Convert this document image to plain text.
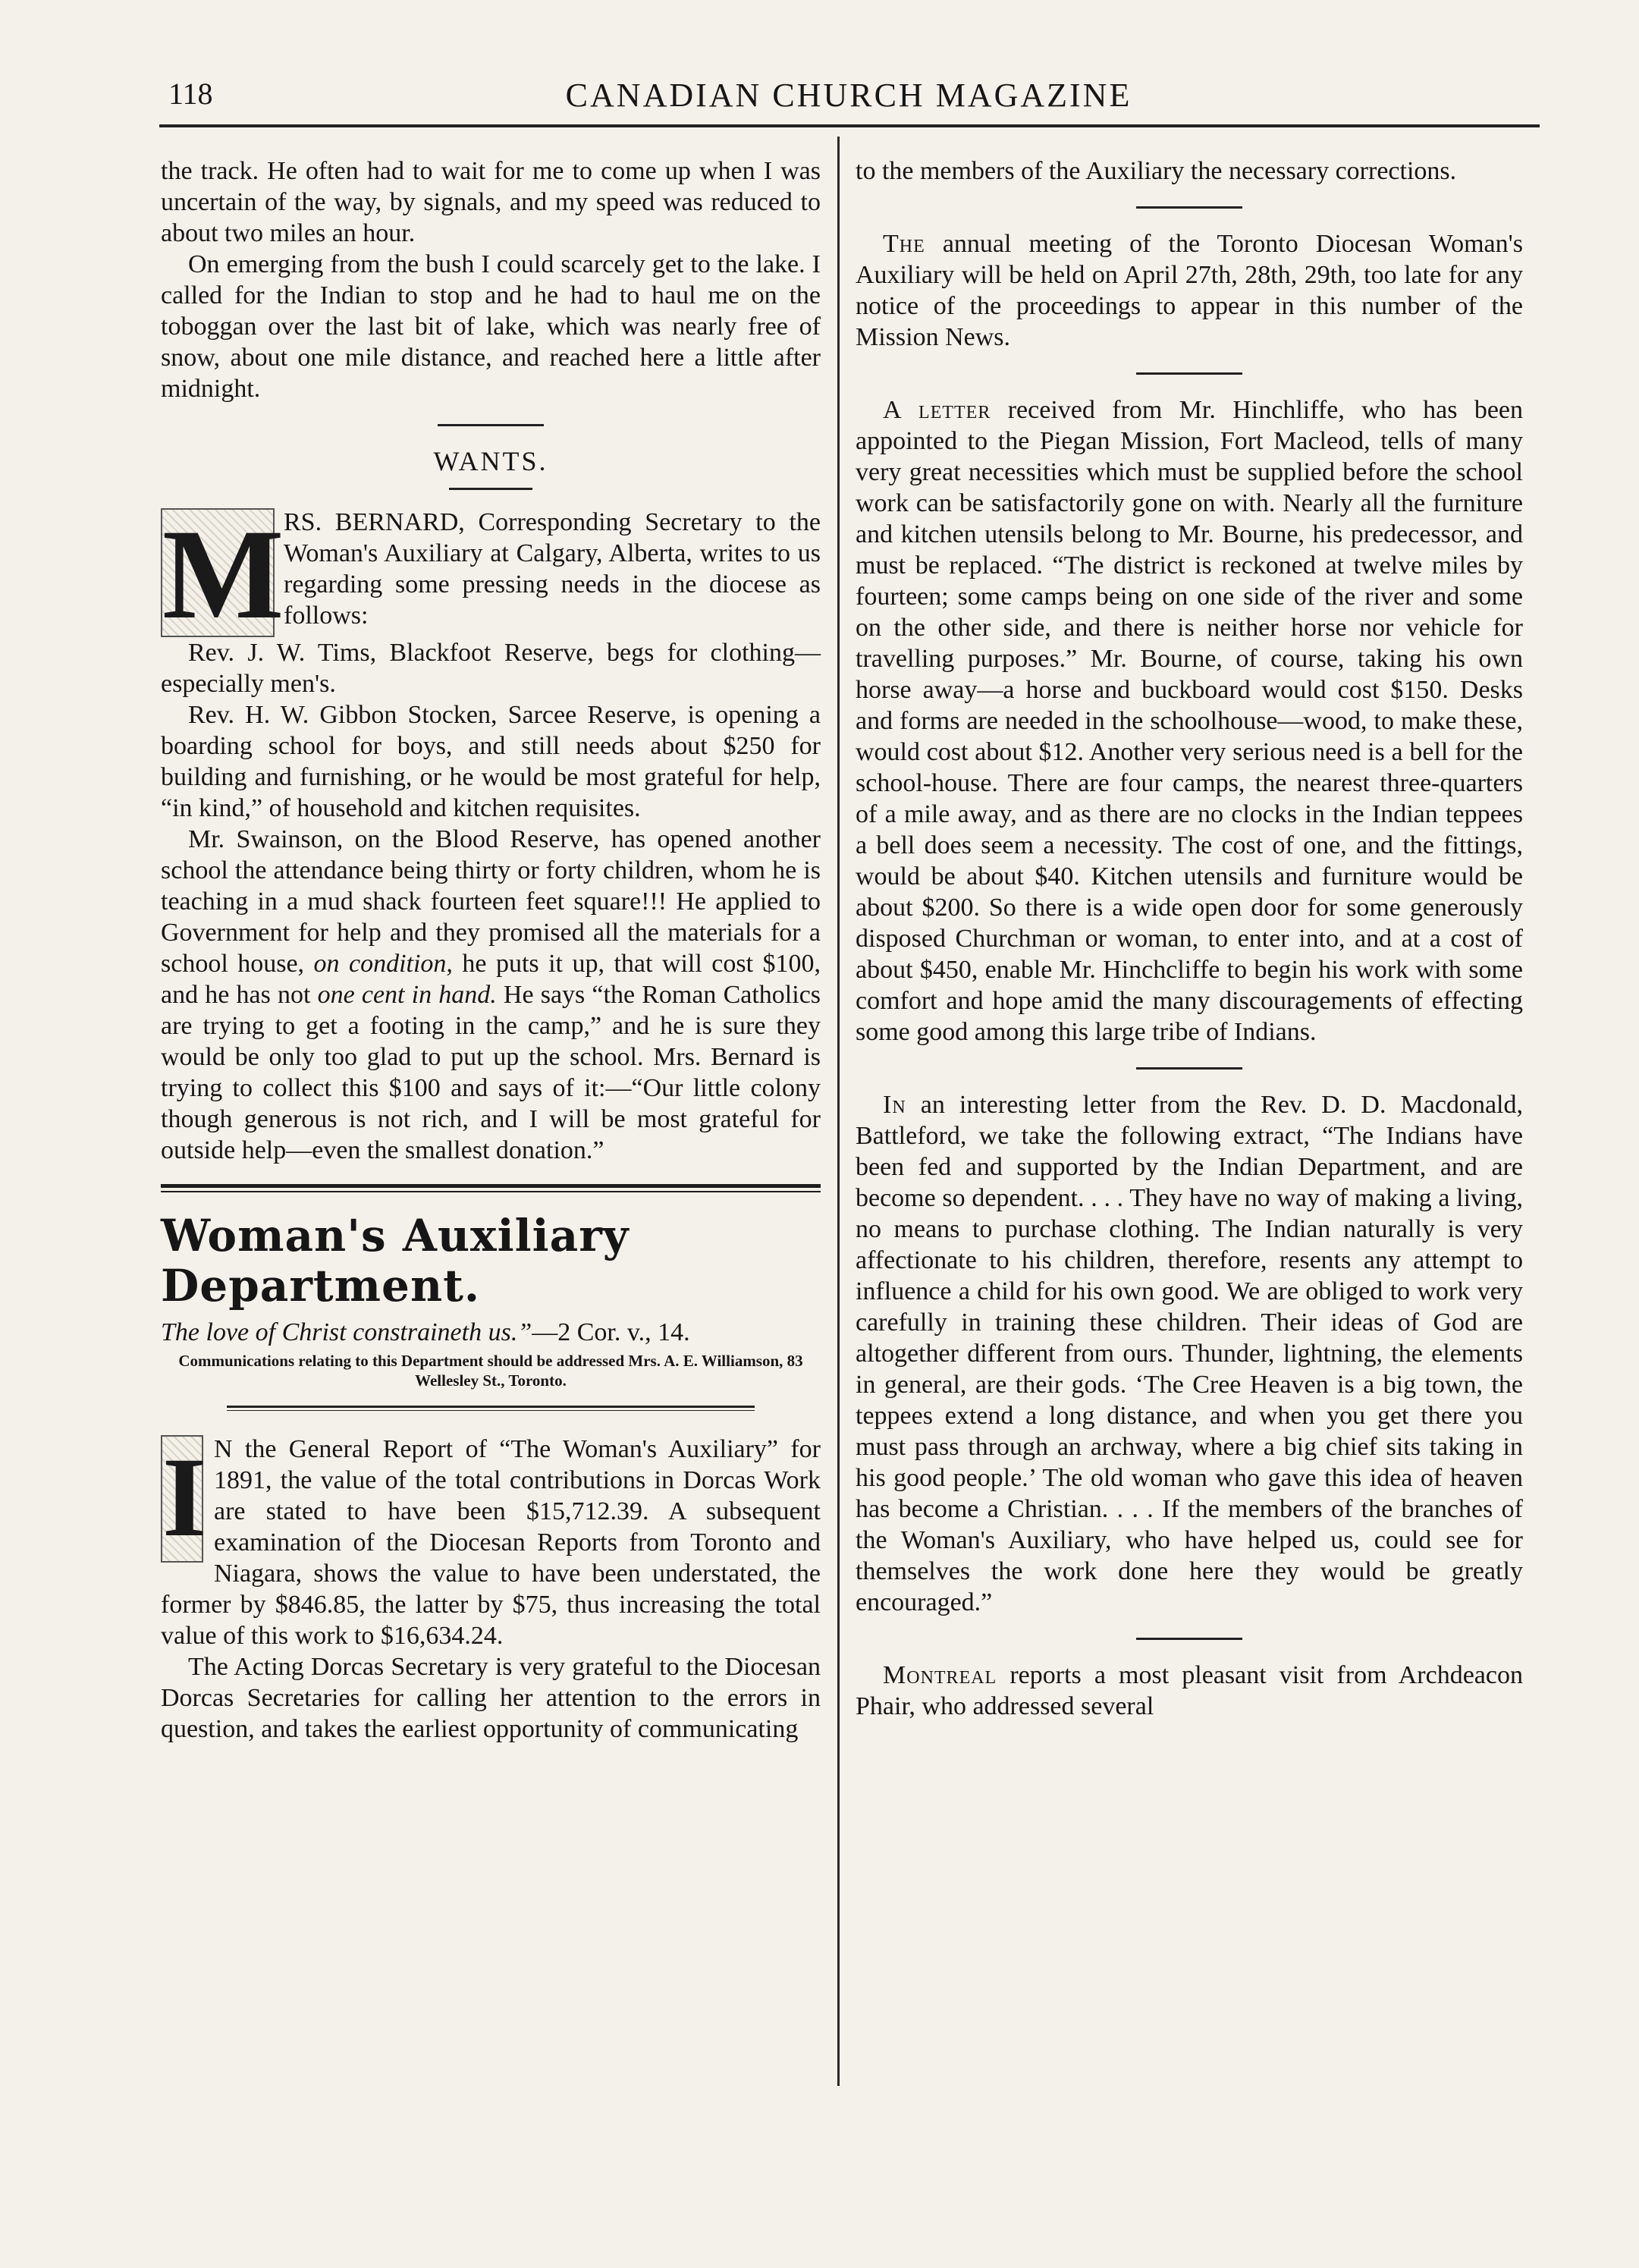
118	CANADIAN CHURCH MAGAZINE

the track. He often had to wait for me to come up when I was uncertain of the way, by signals, and my speed was reduced to about two miles an hour.

On emerging from the bush I could scarcely get to the lake. I called for the Indian to stop and he had to haul me on the toboggan over the last bit of lake, which was nearly free of snow, about one mile distance, and reached here a little after midnight.

WANTS.

M RS. BERNARD, Corresponding Secretary to the Woman's Auxiliary at Calgary, Alberta, writes to us regarding some pressing needs in the diocese as follows:

Rev. J. W. Tims, Blackfoot Reserve, begs for clothing—especially men's.

Rev. H. W. Gibbon Stocken, Sarcee Reserve, is opening a boarding school for boys, and still needs about $250 for building and furnishing, or he would be most grateful for help, “in kind,” of household and kitchen requisites.

Mr. Swainson, on the Blood Reserve, has opened another school the attendance being thirty or forty children, whom he is teaching in a mud shack fourteen feet square!!! He applied to Government for help and they promised all the materials for a school house, on condition, he puts it up, that will cost $100, and he has not one cent in hand. He says “the Roman Catholics are trying to get a footing in the camp,” and he is sure they would be only too glad to put up the school. Mrs. Bernard is trying to collect this $100 and says of it:—“Our little colony though generous is not rich, and I will be most grateful for outside help—even the smallest donation.”

Woman's Auxiliary Department.

The love of Christ constraineth us.”—2 Cor. v., 14.

Communications relating to this Department should be addressed Mrs. A. E. Williamson, 83 Wellesley St., Toronto.

I N the General Report of “The Woman's Auxiliary” for 1891, the value of the total contributions in Dorcas Work are stated to have been $15,712.39. A subsequent examination of the Diocesan Reports from Toronto and Niagara, shows the value to have been understated, the former by $846.85, the latter by $75, thus increasing the total value of this work to $16,634.24.

The Acting Dorcas Secretary is very grateful to the Diocesan Dorcas Secretaries for calling her attention to the errors in question, and takes the earliest opportunity of communicating

to the members of the Auxiliary the necessary corrections.

The annual meeting of the Toronto Diocesan Woman's Auxiliary will be held on April 27th, 28th, 29th, too late for any notice of the proceedings to appear in this number of the Mission News.

A letter received from Mr. Hinchliffe, who has been appointed to the Piegan Mission, Fort Macleod, tells of many very great necessities which must be supplied before the school work can be satisfactorily gone on with. Nearly all the furniture and kitchen utensils belong to Mr. Bourne, his predecessor, and must be replaced. “The district is reckoned at twelve miles by fourteen; some camps being on one side of the river and some on the other side, and there is neither horse nor vehicle for travelling purposes.” Mr. Bourne, of course, taking his own horse away—a horse and buckboard would cost $150. Desks and forms are needed in the schoolhouse—wood, to make these, would cost about $12. Another very serious need is a bell for the school-house. There are four camps, the nearest three-quarters of a mile away, and as there are no clocks in the Indian teppees a bell does seem a necessity. The cost of one, and the fittings, would be about $40. Kitchen utensils and furniture would be about $200. So there is a wide open door for some generously disposed Churchman or woman, to enter into, and at a cost of about $450, enable Mr. Hinchcliffe to begin his work with some comfort and hope amid the many discouragements of effecting some good among this large tribe of Indians.

In an interesting letter from the Rev. D. D. Macdonald, Battleford, we take the following extract, “The Indians have been fed and supported by the Indian Department, and are become so dependent. . . . They have no way of making a living, no means to purchase clothing. The Indian naturally is very affectionate to his children, therefore, resents any attempt to influence a child for his own good. We are obliged to work very carefully in training these children. Their ideas of God are altogether different from ours. Thunder, lightning, the elements in general, are their gods. ‘The Cree Heaven is a big town, the teppees extend a long distance, and when you get there you must pass through an archway, where a big chief sits taking in his good people.’ The old woman who gave this idea of heaven has become a Christian. . . . If the members of the branches of the Woman's Auxiliary, who have helped us, could see for themselves the work done here they would be greatly encouraged.”

Montreal reports a most pleasant visit from Archdeacon Phair, who addressed several
